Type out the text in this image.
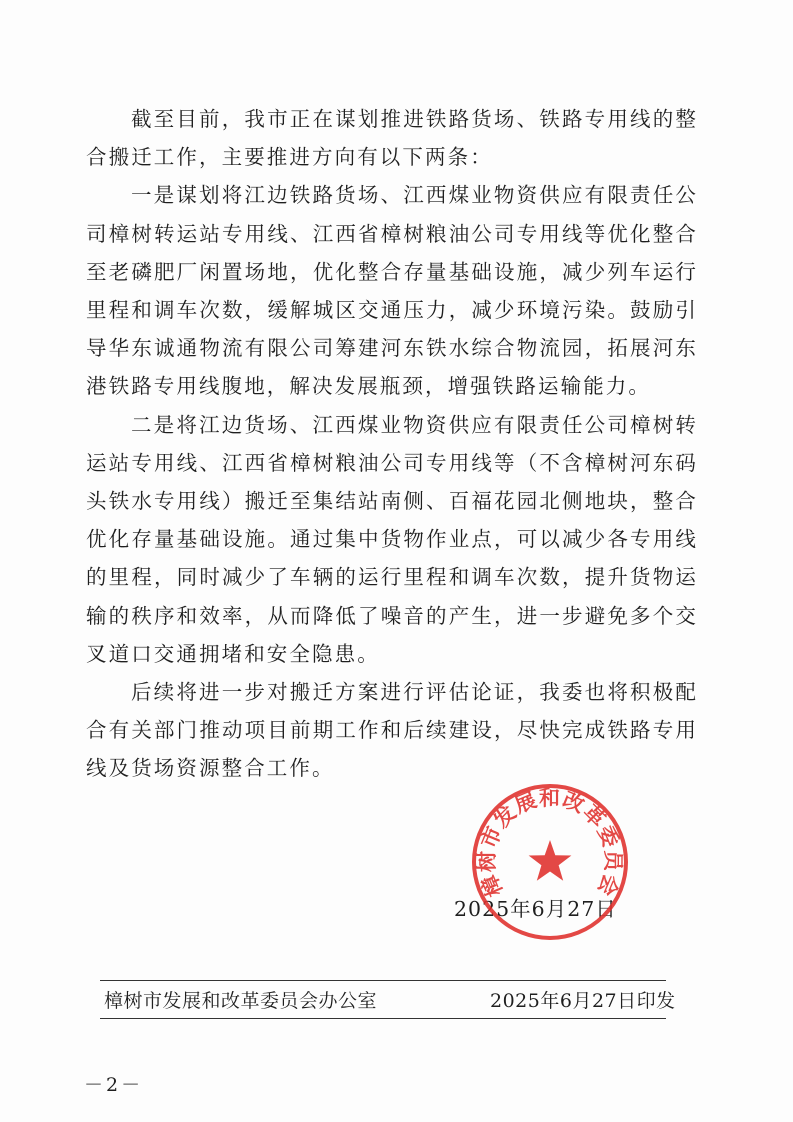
截至目前，我市正在谋划推进铁路货场、铁路专用线的整合搬迁工作，主要推进方向有以下两条：

一是谋划将江边铁路货场、江西煤业物资供应有限责任公司樟树转运站专用线、江西省樟树粮油公司专用线等优化整合至老磷肥厂闲置场地，优化整合存量基础设施，减少列车运行里程和调车次数，缓解城区交通压力，减少环境污染。鼓励引导华东诚通物流有限公司筹建河东铁水综合物流园，拓展河东港铁路专用线腹地，解决发展瓶颈，增强铁路运输能力。

二是将江边货场、江西煤业物资供应有限责任公司樟树转运站专用线、江西省樟树粮油公司专用线等（不含樟树河东码头铁水专用线）搬迁至集结站南侧、百福花园北侧地块，整合优化存量基础设施。通过集中货物作业点，可以减少各专用线的里程，同时减少了车辆的运行里程和调车次数，提升货物运输的秩序和效率，从而降低了噪音的产生，进一步避免多个交叉道口交通拥堵和安全隐患。

后续将进一步对搬迁方案进行评估论证，我委也将积极配合有关部门推动项目前期工作和后续建设，尽快完成铁路专用线及货场资源整合工作。

2025年6月27日
樟树市发展和改革委员会
樟树市发展和改革委员会办公室	2025年6月27日印发
－2－
